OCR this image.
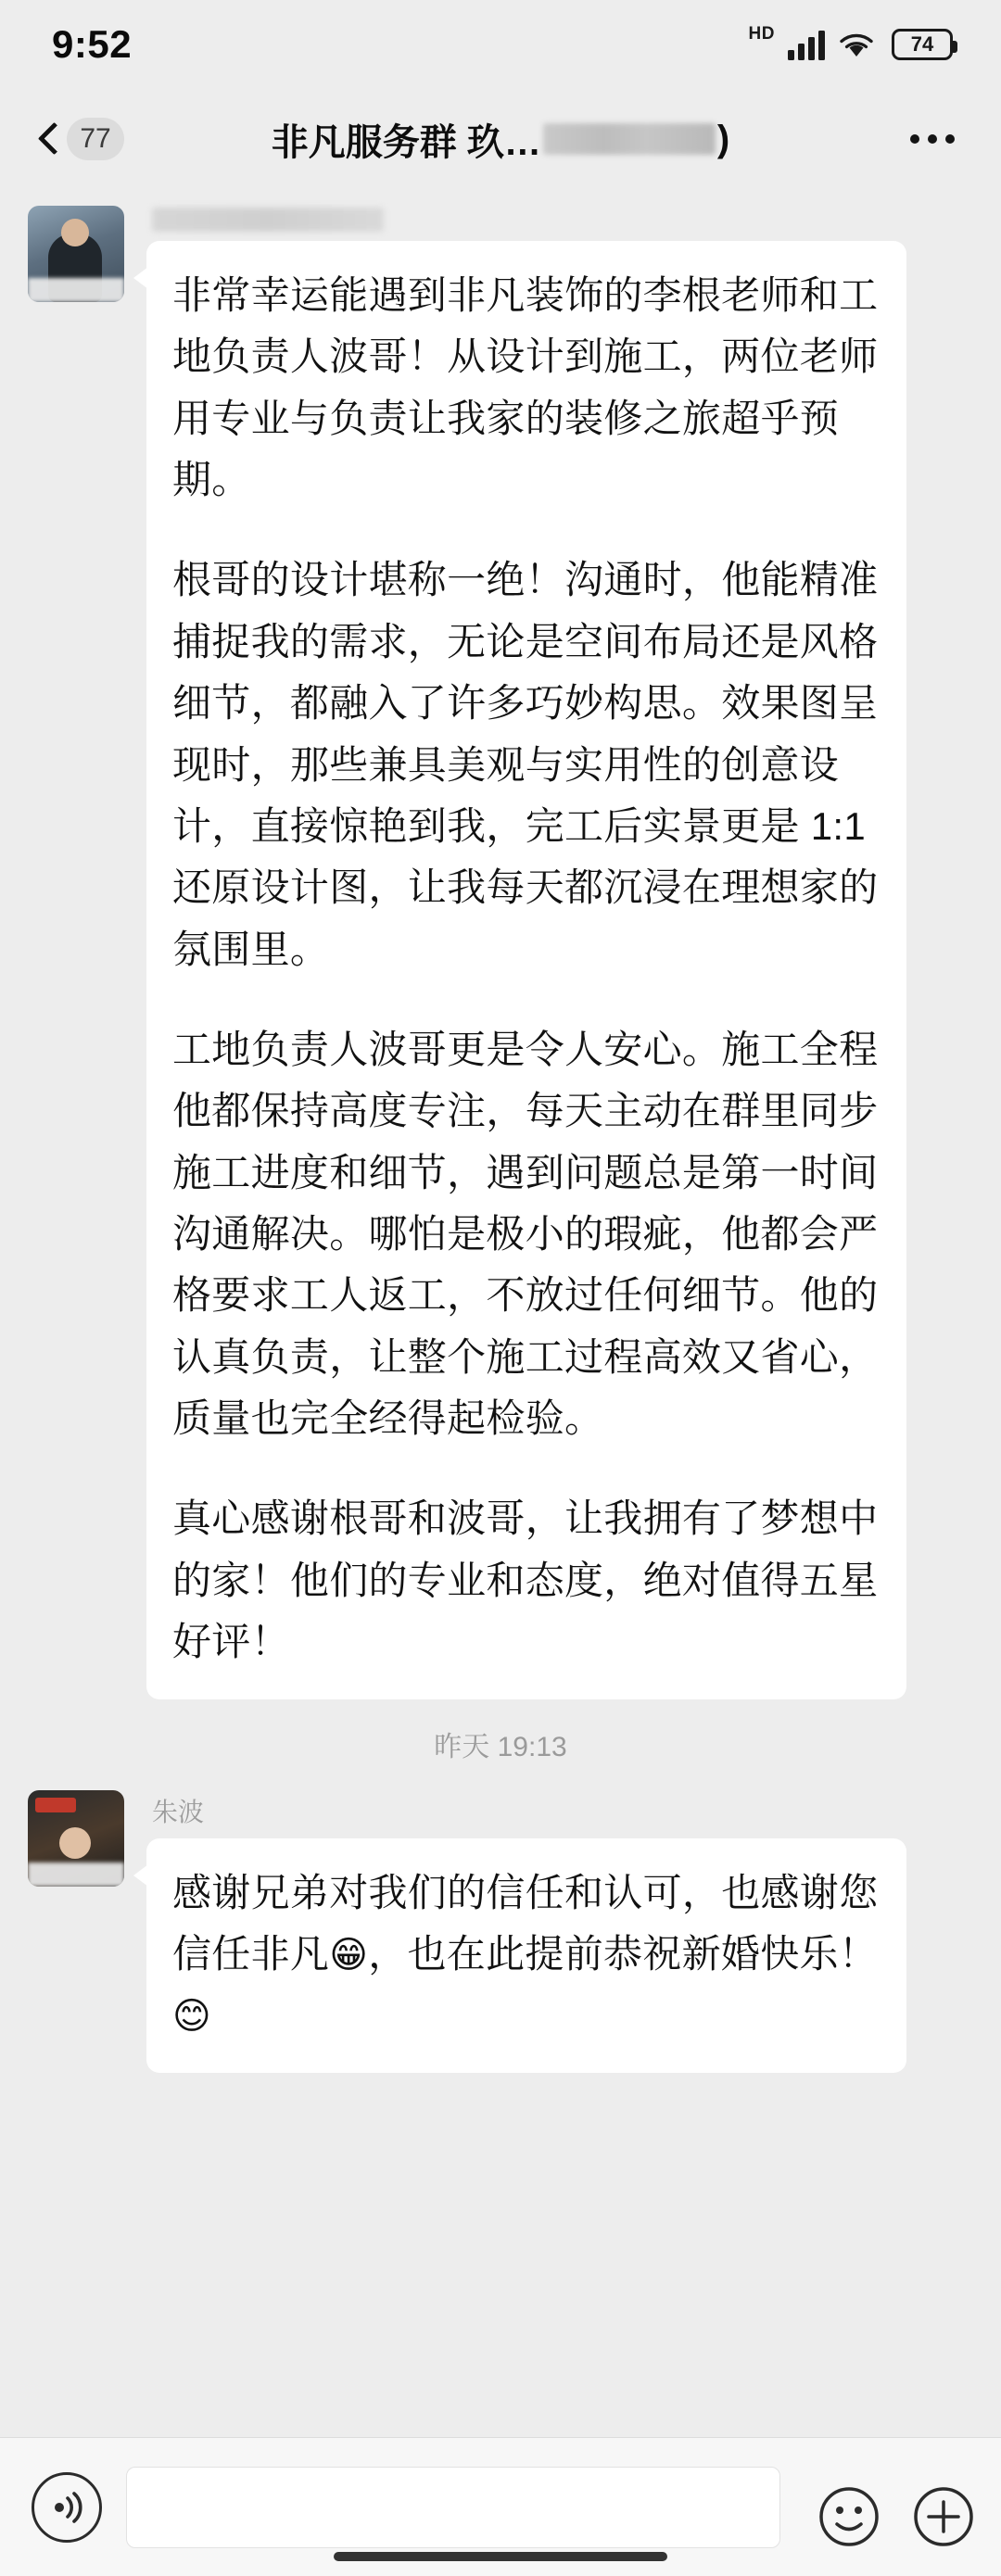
9:52	HD	74
77	非凡服务群 玖…	)

非常幸运能遇到非凡装饰的李根老师和工地负责人波哥！从设计到施工，两位老师用专业与负责让我家的装修之旅超乎预期。

根哥的设计堪称一绝！沟通时，他能精准捕捉我的需求，无论是空间布局还是风格细节，都融入了许多巧妙构思。效果图呈现时，那些兼具美观与实用性的创意设计，直接惊艳到我，完工后实景更是 1:1 还原设计图，让我每天都沉浸在理想家的氛围里。

工地负责人波哥更是令人安心。施工全程他都保持高度专注，每天主动在群里同步施工进度和细节，遇到问题总是第一时间沟通解决。哪怕是极小的瑕疵，他都会严格要求工人返工，不放过任何细节。他的认真负责，让整个施工过程高效又省心，质量也完全经得起检验。

真心感谢根哥和波哥，让我拥有了梦想中的家！他们的专业和态度，绝对值得五星好评！

昨天 19:13
朱波

感谢兄弟对我们的信任和认可，也感谢您信任非凡😁，也在此提前恭祝新婚快乐！ 😊
